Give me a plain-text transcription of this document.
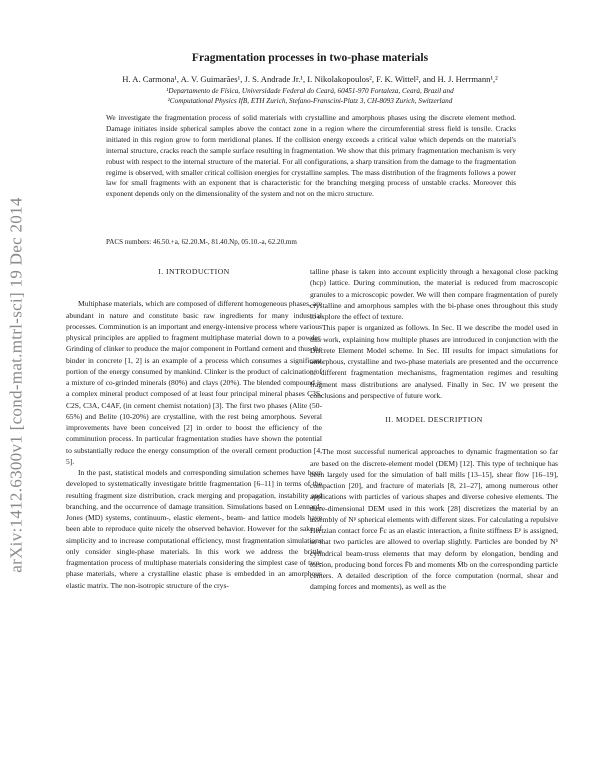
arXiv:1412.6300v1 [cond-mat.mtrl-sci] 19 Dec 2014
Fragmentation processes in two-phase materials
H. A. Carmona¹, A. V. Guimarães¹, J. S. Andrade Jr.¹, I. Nikolakopoulos², F. K. Wittel², and H. J. Herrmann¹,²
¹Departamento de Física, Universidade Federal do Ceará, 60451-970 Fortaleza, Ceará, Brazil and
²Computational Physics IfB, ETH Zurich, Stefano-Franscini-Platz 3, CH-8093 Zurich, Switzerland

We investigate the fragmentation process of solid materials with crystalline and amorphous phases using the discrete element method. Damage initiates inside spherical samples above the contact zone in a region where the circumferential stress field is tensile. Cracks initiated in this region grow to form meridional planes. If the collision energy exceeds a critical value which depends on the material's internal structure, cracks reach the sample surface resulting in fragmentation. We show that this primary fragmentation mechanism is very robust with respect to the internal structure of the material. For all configurations, a sharp transition from the damage to the fragmentation regime is observed, with smaller critical collision energies for crystalline samples. The mass distribution of the fragments follows a power law for small fragments with an exponent that is characteristic for the branching merging process of unstable cracks. Moreover this exponent depends only on the dimensionality of the system and not on the micro structure.

PACS numbers: 46.50.+a, 62.20.M-, 81.40.Np, 05.10.-a, 62.20.mm
I. INTRODUCTION

Multiphase materials, which are composed of different homogeneous phases, are abundant in nature and constitute basic raw ingredients for many industrial processes. Comminution is an important and energy-intensive process where various physical principles are applied to fragment multiphase material down to a powder. Grinding of clinker to produce the major component in Portland cement and thus the binder in concrete [1, 2] is an example of a process which consumes a significant portion of the energy consumed by mankind. Clinker is the product of calcination of a mixture of co-grinded minerals (80%) and clays (20%). The blended compound is a complex mineral product composed of at least four principal mineral phases C3S, C2S, C3A, C4AF, (in cement chemist notation) [3]. The first two phases (Alite (50-65%) and Belite (10-20%) are crystalline, with the rest being amorphous. Several improvements have been conceived [2] in order to boost the efficiency of the comminution process. In particular fragmentation studies have shown the potential to substantially reduce the energy consumption of the overall cement production [4, 5].

In the past, statistical models and corresponding simulation schemes have been developed to systematically investigate brittle fragmentation [6–11] in terms of the resulting fragment size distribution, crack merging and propagation, instability and branching, and the occurrence of damage transition. Simulations based on Lennard-Jones (MD) systems, continuum-, elastic element-, beam- and lattice models have been able to reproduce quite nicely the observed behavior. However for the sake of simplicity and to increase computational efficiency, most fragmentation simulations only consider single-phase materials. In this work we address the brittle fragmentation process of multiphase materials considering the simplest case of two-phase materials, where a crystalline elastic phase is embedded in an amorphous elastic matrix. The non-isotropic structure of the crys-

talline phase is taken into account explicitly through a hexagonal close packing (hcp) lattice. During comminution, the material is reduced from macroscopic granules to a microscopic powder. We will then compare fragmentation of purely crystalline and amorphous samples with the bi-phase ones throughout this study to explore the effect of texture.

This paper is organized as follows. In Sec. II we describe the model used in this work, explaining how multiple phases are introduced in conjunction with the Discrete Element Model scheme. In Sec. III results for impact simulations for amorphous, crystalline and two-phase materials are presented and the occurrence of different fragmentation mechanisms, fragmentation regimes and resulting fragment mass distributions are analysed. Finally in Sec. IV we present the conclusions and perspective of future work.

II. MODEL DESCRIPTION

The most successful numerical approaches to dynamic fragmentation so far are based on the discrete-element model (DEM) [12]. This type of technique has been largely used for the simulation of ball mills [13–15], shear flow [16–19], compaction [20], and fracture of materials [8, 21–27], among numerous other applications with particles of various shapes and diverse cohesive elements. The three-dimensional DEM used in this work [28] discretizes the material by an assembly of Nᵖ spherical elements with different sizes. For calculating a repulsive Hertzian contact force F̄c as an elastic interaction, a finite stiffness Eᵖ is assigned, so that two particles are allowed to overlap slightly. Particles are bonded by Nᵇ cylindrical beam-truss elements that may deform by elongation, bending and torsion, producing bond forces F̄b and moments M̄b on the corresponding particle centers. A detailed description of the force computation (normal, shear and damping forces and moments), as well as the
